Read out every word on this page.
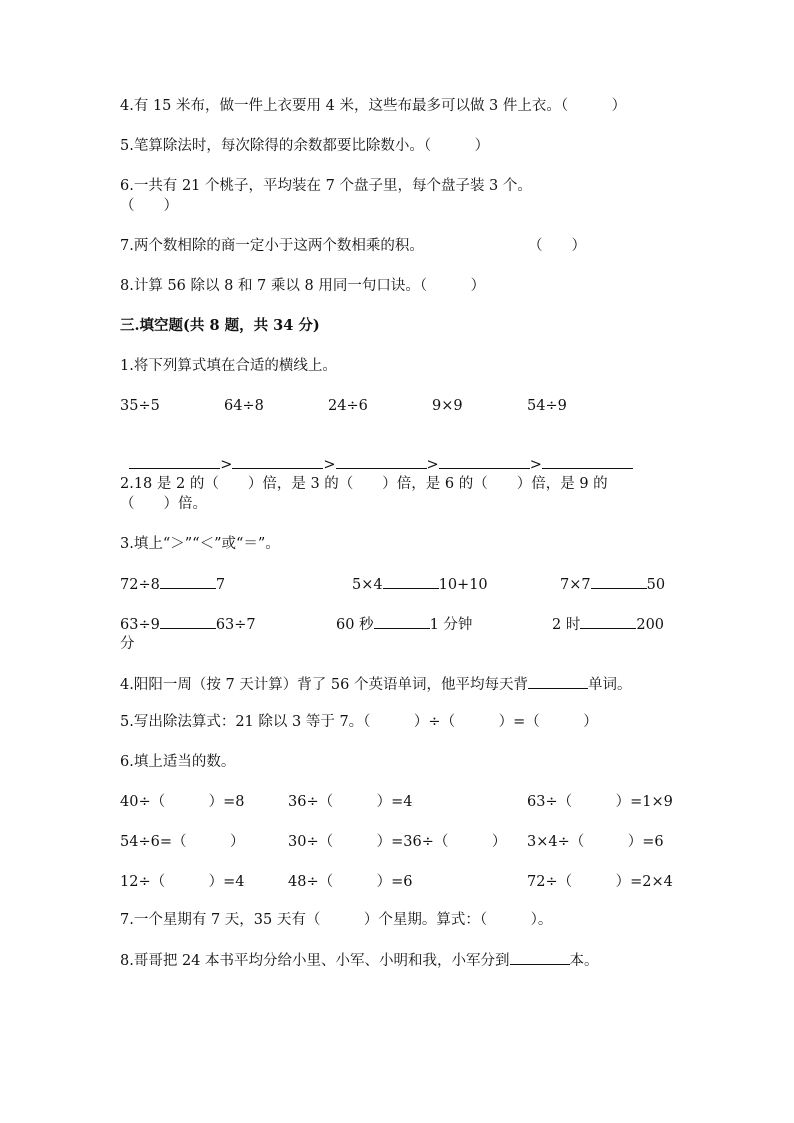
4.有 15 米布，做一件上衣要用 4 米，这些布最多可以做 3 件上衣。（　　　）
5.笔算除法时，每次除得的余数都要比除数小。（　　　）
6.一共有 21 个桃子，平均装在 7 个盘子里，每个盘子装 3 个。
（　　）
7.两个数相除的商一定小于这两个数相乘的积。	（　　）
8.计算 56 除以 8 和 7 乘以 8 用同一句口诀。（　　　）
三.填空题(共 8 题，共 34 分)
1.将下列算式填在合适的横线上。
35÷5	64÷8	24÷6	9×9	54÷9

>	>	>	>

2.18 是 2 的（　　）倍，是 3 的（　　）倍，是 6 的（　　）倍，是 9 的
（　　）倍。
3.填上“＞”“＜”或“＝”。
72÷8	7	5×4	10+10	7×7	50
63÷9	63÷7	60 秒	1 分钟	2 时	200
分
4.阳阳一周（按 7 天计算）背了 56 个英语单词，他平均每天背	单词。
5.写出除法算式：21 除以 3 等于 7。（　　　）÷（　　　）=（　　　）
6.填上适当的数。
40÷（　　　）=8	36÷（　　　）=4	63÷（　　　）=1×9
54÷6=（　　　）	30÷（　　　）=36÷（　　　） 3×4÷（　　　）=6
12÷（　　　）=4	48÷（　　　）=6	72÷（　　　）=2×4
7.一个星期有 7 天，35 天有（　　　）个星期。算式：（　　　）。
8.哥哥把 24 本书平均分给小里、小军、小明和我，小军分到	本。
